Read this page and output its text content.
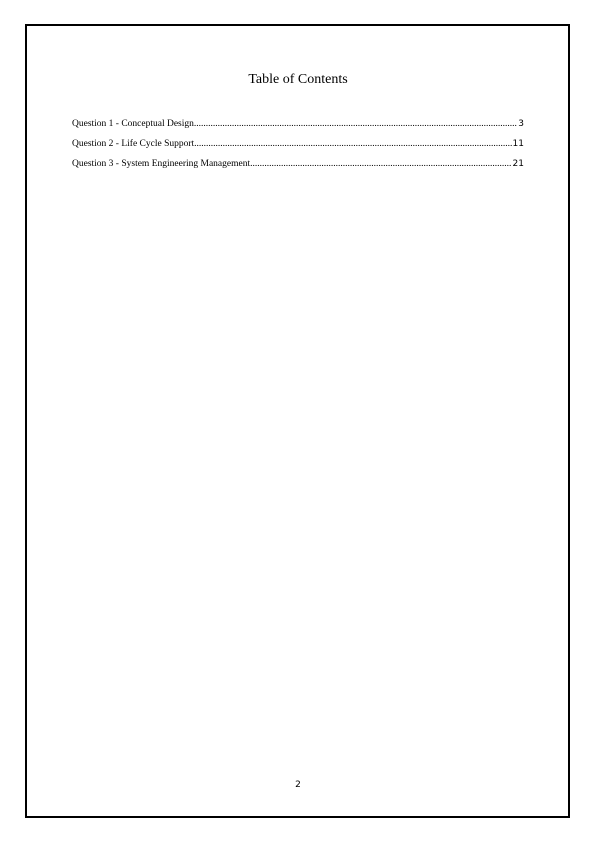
Table of Contents
Question 1 - Conceptual Design .....	3
Question 2 - Life Cycle Support .....	11
Question 3 - System Engineering Management .....	21
2
